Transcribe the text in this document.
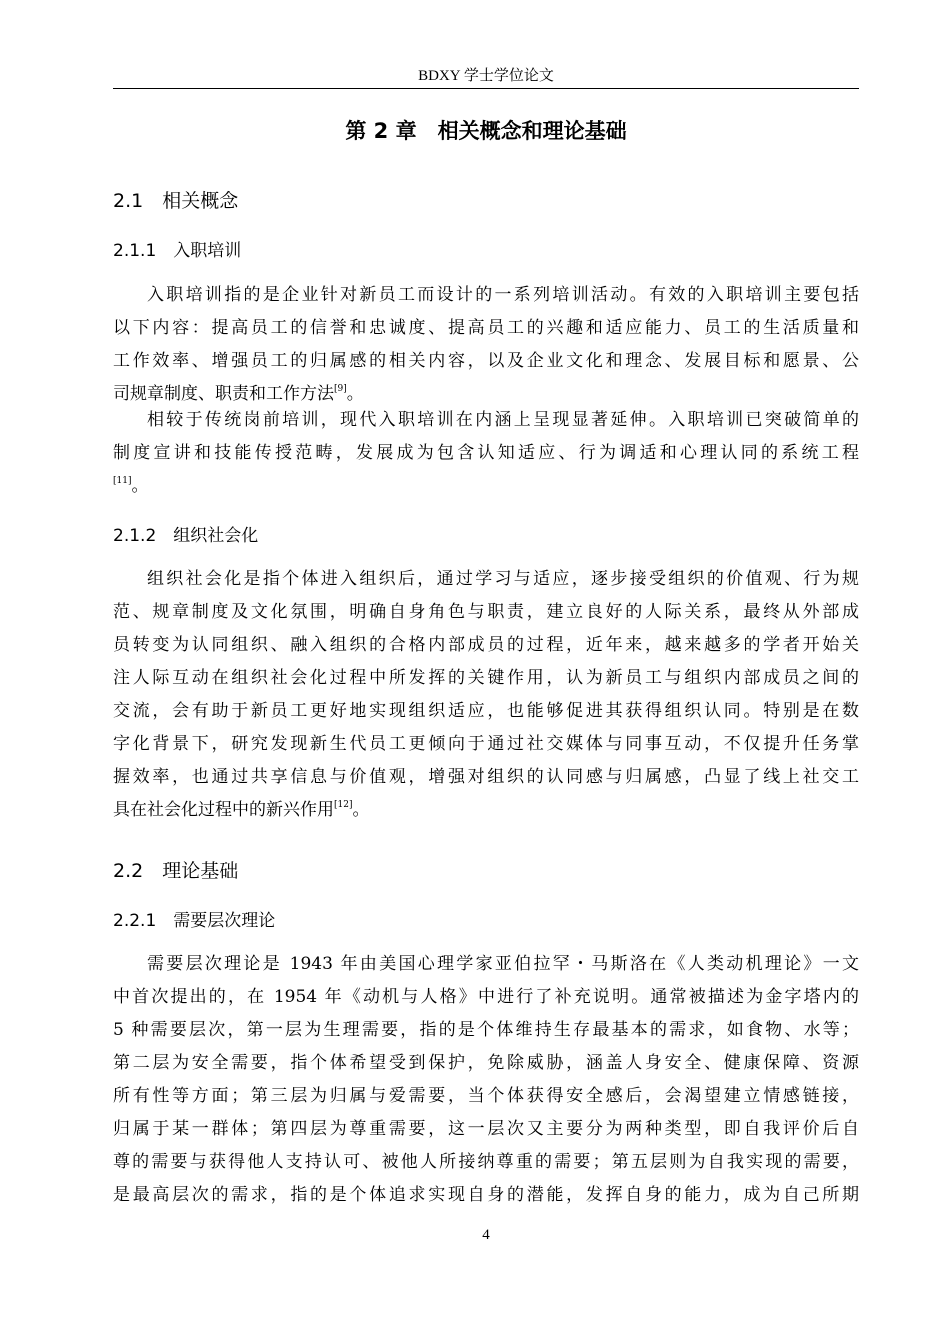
BDXY 学士学位论文
第 2 章　相关概念和理论基础
2.1　相关概念
2.1.1　入职培训
入职培训指的是企业针对新员工而设计的一系列培训活动。有效的入职培训主要包括
以下内容：提高员工的信誉和忠诚度、提高员工的兴趣和适应能力、员工的生活质量和
工作效率、增强员工的归属感的相关内容，以及企业文化和理念、发展目标和愿景、公
司规章制度、职责和工作方法[9]。
相较于传统岗前培训，现代入职培训在内涵上呈现显著延伸。入职培训已突破简单的
制度宣讲和技能传授范畴，发展成为包含认知适应、行为调适和心理认同的系统工程
[11]。
2.1.2　组织社会化
组织社会化是指个体进入组织后，通过学习与适应，逐步接受组织的价值观、行为规
范、规章制度及文化氛围，明确自身角色与职责，建立良好的人际关系，最终从外部成
员转变为认同组织、融入组织的合格内部成员的过程，近年来，越来越多的学者开始关
注人际互动在组织社会化过程中所发挥的关键作用，认为新员工与组织内部成员之间的
交流，会有助于新员工更好地实现组织适应，也能够促进其获得组织认同。特别是在数
字化背景下，研究发现新生代员工更倾向于通过社交媒体与同事互动，不仅提升任务掌
握效率，也通过共享信息与价值观，增强对组织的认同感与归属感，凸显了线上社交工
具在社会化过程中的新兴作用[12]。
2.2　理论基础
2.2.1　需要层次理论
需要层次理论是 1943 年由美国心理学家亚伯拉罕・马斯洛在《人类动机理论》一文
中首次提出的，在 1954 年《动机与人格》中进行了补充说明。通常被描述为金字塔内的
5 种需要层次，第一层为生理需要，指的是个体维持生存最基本的需求，如食物、水等；
第二层为安全需要，指个体希望受到保护，免除威胁，涵盖人身安全、健康保障、资源
所有性等方面；第三层为归属与爱需要，当个体获得安全感后，会渴望建立情感链接，
归属于某一群体；第四层为尊重需要，这一层次又主要分为两种类型，即自我评价后自
尊的需要与获得他人支持认可、被他人所接纳尊重的需要；第五层则为自我实现的需要，
是最高层次的需求，指的是个体追求实现自身的潜能，发挥自身的能力，成为自己所期
4
